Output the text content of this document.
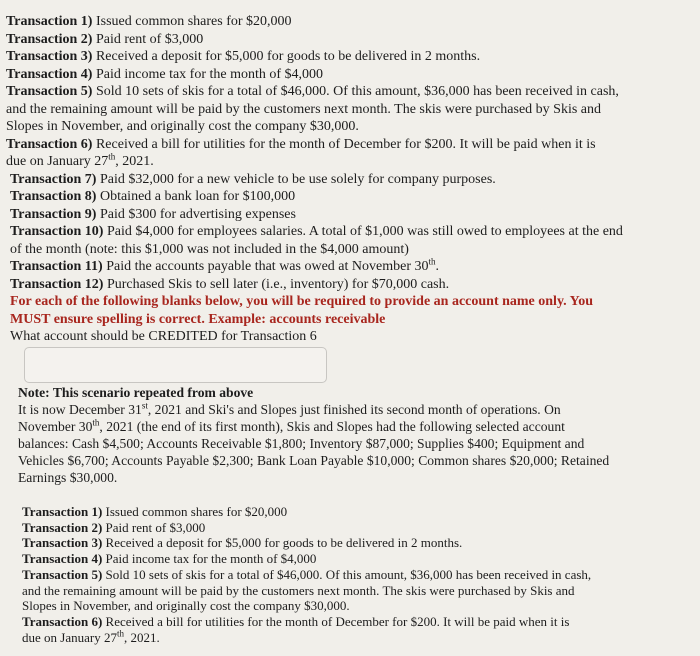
Transaction 1) Issued common shares for $20,000
Transaction 2) Paid rent of $3,000
Transaction 3) Received a deposit for $5,000 for goods to be delivered in 2 months.
Transaction 4) Paid income tax for the month of $4,000
Transaction 5) Sold 10 sets of skis for a total of $46,000. Of this amount, $36,000 has been received in cash,
and the remaining amount will be paid by the customers next month. The skis were purchased by Skis and
Slopes in November, and originally cost the company $30,000.
Transaction 6) Received a bill for utilities for the month of December for $200. It will be paid when it is
due on January 27th, 2021.
Transaction 7) Paid $32,000 for a new vehicle to be use solely for company purposes.
Transaction 8) Obtained a bank loan for $100,000
Transaction 9) Paid $300 for advertising expenses
Transaction 10) Paid $4,000 for employees salaries. A total of $1,000 was still owed to employees at the end
of the month (note: this $1,000 was not included in the $4,000 amount)
Transaction 11) Paid the accounts payable that was owed at November 30th.
Transaction 12) Purchased Skis to sell later (i.e., inventory) for $70,000 cash.
For each of the following blanks below, you will be required to provide an account name only. You
MUST ensure spelling is correct. Example: accounts receivable
What account should be CREDITED for Transaction 6
Note: This scenario repeated from above
It is now December 31st, 2021 and Ski's and Slopes just finished its second month of operations. On
November 30th, 2021 (the end of its first month), Skis and Slopes had the following selected account
balances: Cash $4,500; Accounts Receivable $1,800; Inventory $87,000; Supplies $400; Equipment and
Vehicles $6,700; Accounts Payable $2,300; Bank Loan Payable $10,000; Common shares $20,000; Retained
Earnings $30,000.
Transaction 1) Issued common shares for $20,000
Transaction 2) Paid rent of $3,000
Transaction 3) Received a deposit for $5,000 for goods to be delivered in 2 months.
Transaction 4) Paid income tax for the month of $4,000
Transaction 5) Sold 10 sets of skis for a total of $46,000. Of this amount, $36,000 has been received in cash,
and the remaining amount will be paid by the customers next month. The skis were purchased by Skis and
Slopes in November, and originally cost the company $30,000.
Transaction 6) Received a bill for utilities for the month of December for $200. It will be paid when it is
due on January 27th, 2021.
